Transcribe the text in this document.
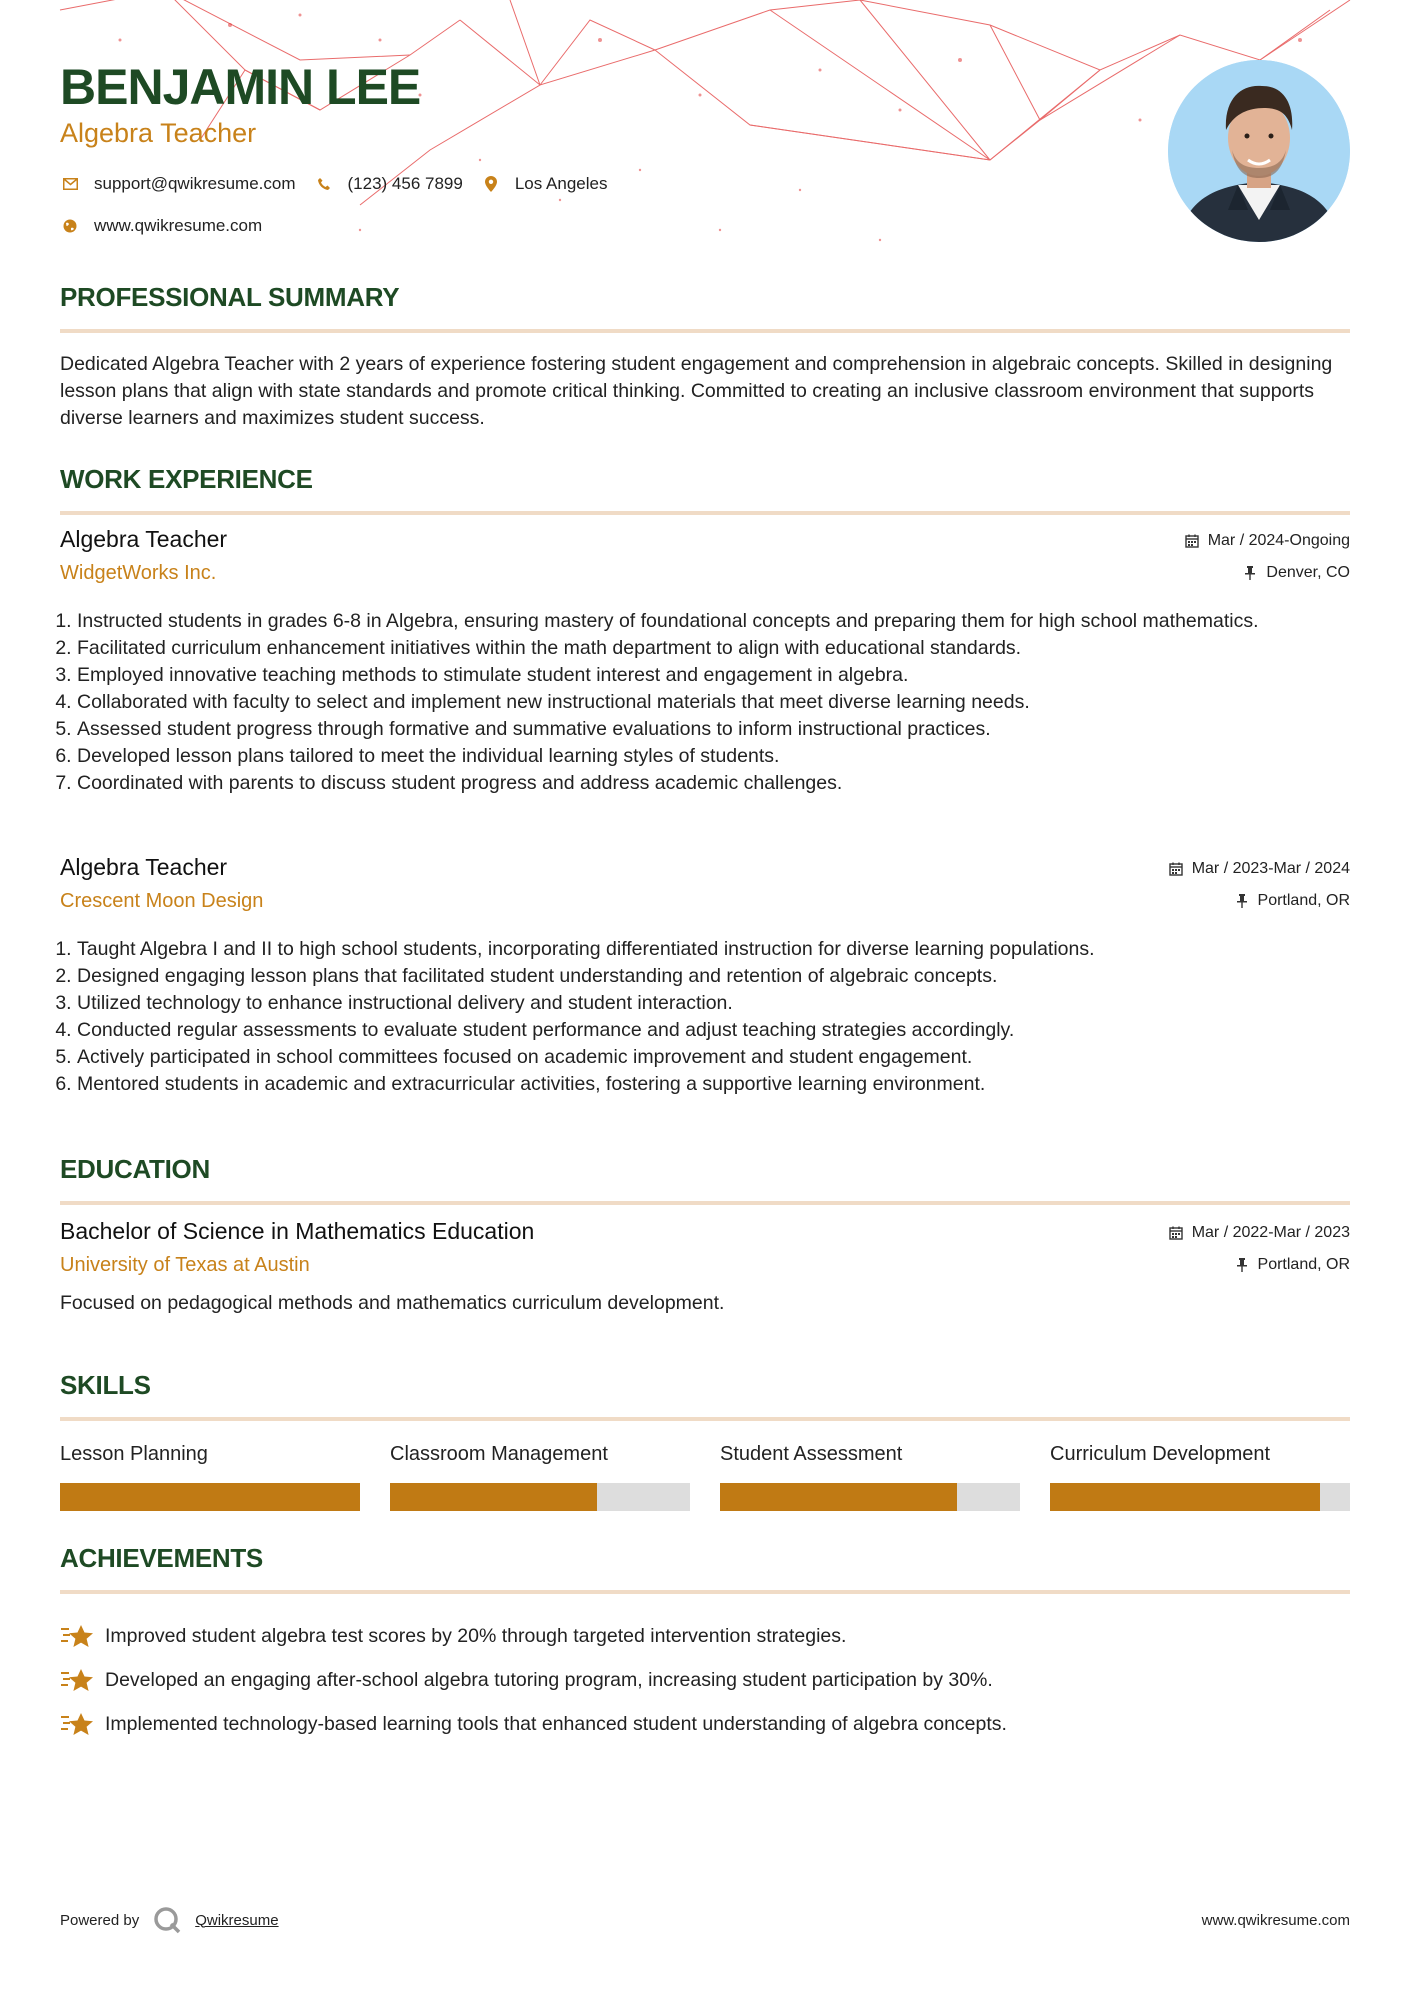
BENJAMIN LEE
Algebra Teacher
support@qwikresume.com	(123) 456 7899	Los Angeles
www.qwikresume.com
PROFESSIONAL SUMMARY

Dedicated Algebra Teacher with 2 years of experience fostering student engagement and comprehension in algebraic concepts. Skilled in designing lesson plans that align with state standards and promote critical thinking. Committed to creating an inclusive classroom environment that supports diverse learners and maximizes student success.

WORK EXPERIENCE
Algebra Teacher
WidgetWorks Inc.
Mar / 2024-Ongoing
Denver, CO
1. Instructed students in grades 6-8 in Algebra, ensuring mastery of foundational concepts and preparing them for high school mathematics.
2. Facilitated curriculum enhancement initiatives within the math department to align with educational standards.
3. Employed innovative teaching methods to stimulate student interest and engagement in algebra.
4. Collaborated with faculty to select and implement new instructional materials that meet diverse learning needs.
5. Assessed student progress through formative and summative evaluations to inform instructional practices.
6. Developed lesson plans tailored to meet the individual learning styles of students.
7. Coordinated with parents to discuss student progress and address academic challenges.
Algebra Teacher
Crescent Moon Design
Mar / 2023-Mar / 2024
Portland, OR
1. Taught Algebra I and II to high school students, incorporating differentiated instruction for diverse learning populations.
2. Designed engaging lesson plans that facilitated student understanding and retention of algebraic concepts.
3. Utilized technology to enhance instructional delivery and student interaction.
4. Conducted regular assessments to evaluate student performance and adjust teaching strategies accordingly.
5. Actively participated in school committees focused on academic improvement and student engagement.
6. Mentored students in academic and extracurricular activities, fostering a supportive learning environment.
EDUCATION
Bachelor of Science in Mathematics Education
University of Texas at Austin
Mar / 2022-Mar / 2023
Portland, OR

Focused on pedagogical methods and mathematics curriculum development.

SKILLS
Lesson Planning	Classroom Management	Student Assessment	Curriculum Development
ACHIEVEMENTS
Improved student algebra test scores by 20% through targeted intervention strategies.
Developed an engaging after-school algebra tutoring program, increasing student participation by 30%.
Implemented technology-based learning tools that enhanced student understanding of algebra concepts.
Powered by	Qwikresume	www.qwikresume.com
